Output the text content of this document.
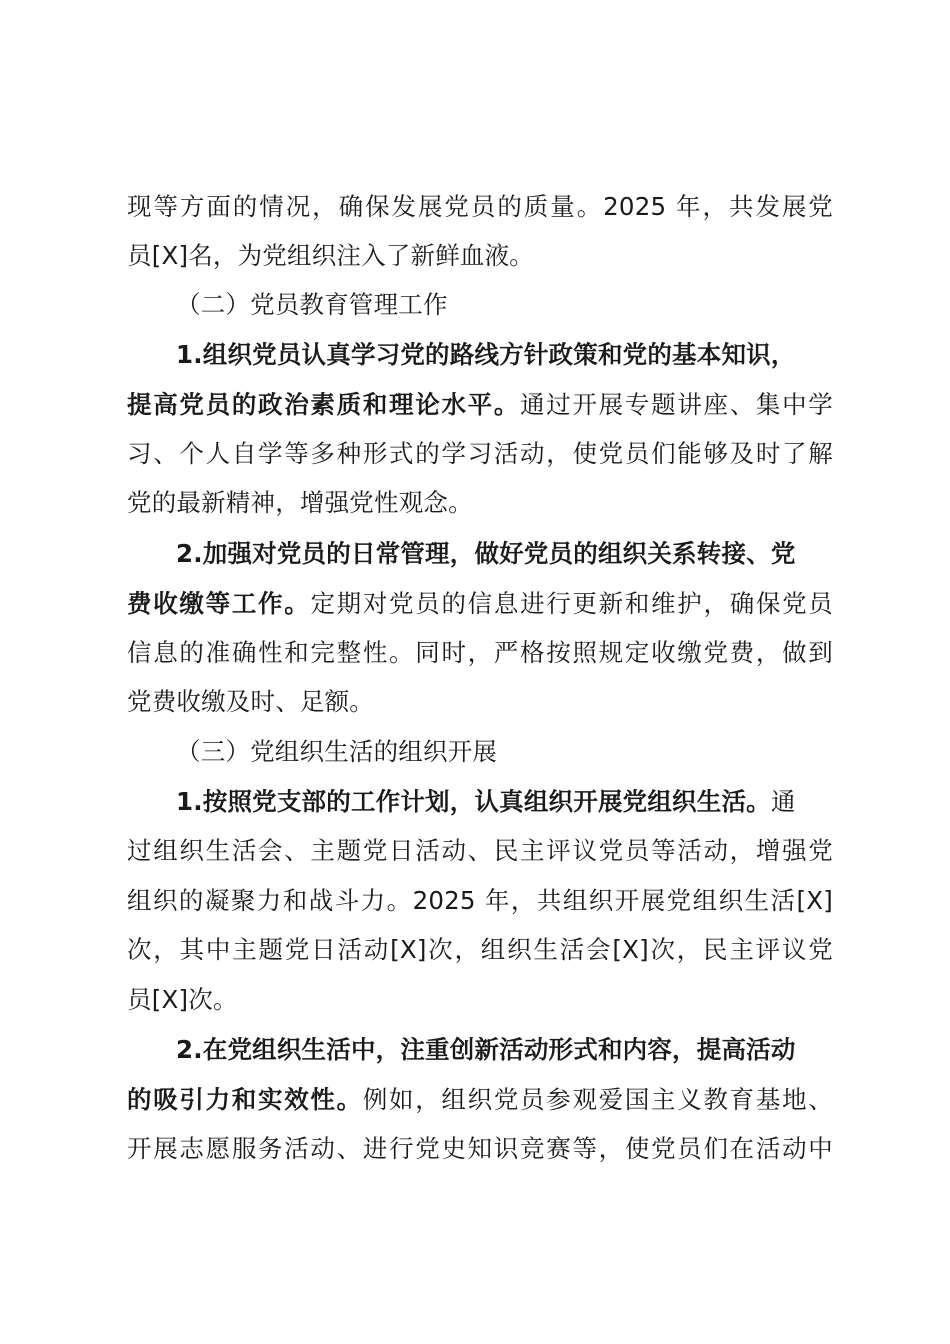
现等方面的情况，确保发展党员的质量。2025 年，共发展党
员[X]名，为党组织注入了新鲜血液。
（二）党员教育管理工作
1.组织党员认真学习党的路线方针政策和党的基本知识，
提高党员的政治素质和理论水平。通过开展专题讲座、集中学
习、个人自学等多种形式的学习活动，使党员们能够及时了解
党的最新精神，增强党性观念。
2.加强对党员的日常管理，做好党员的组织关系转接、党
费收缴等工作。定期对党员的信息进行更新和维护，确保党员
信息的准确性和完整性。同时，严格按照规定收缴党费，做到
党费收缴及时、足额。
（三）党组织生活的组织开展
1.按照党支部的工作计划，认真组织开展党组织生活。通
过组织生活会、主题党日活动、民主评议党员等活动，增强党
组织的凝聚力和战斗力。2025 年，共组织开展党组织生活[X]
次，其中主题党日活动[X]次，组织生活会[X]次，民主评议党
员[X]次。
2.在党组织生活中，注重创新活动形式和内容，提高活动
的吸引力和实效性。例如，组织党员参观爱国主义教育基地、
开展志愿服务活动、进行党史知识竞赛等，使党员们在活动中
